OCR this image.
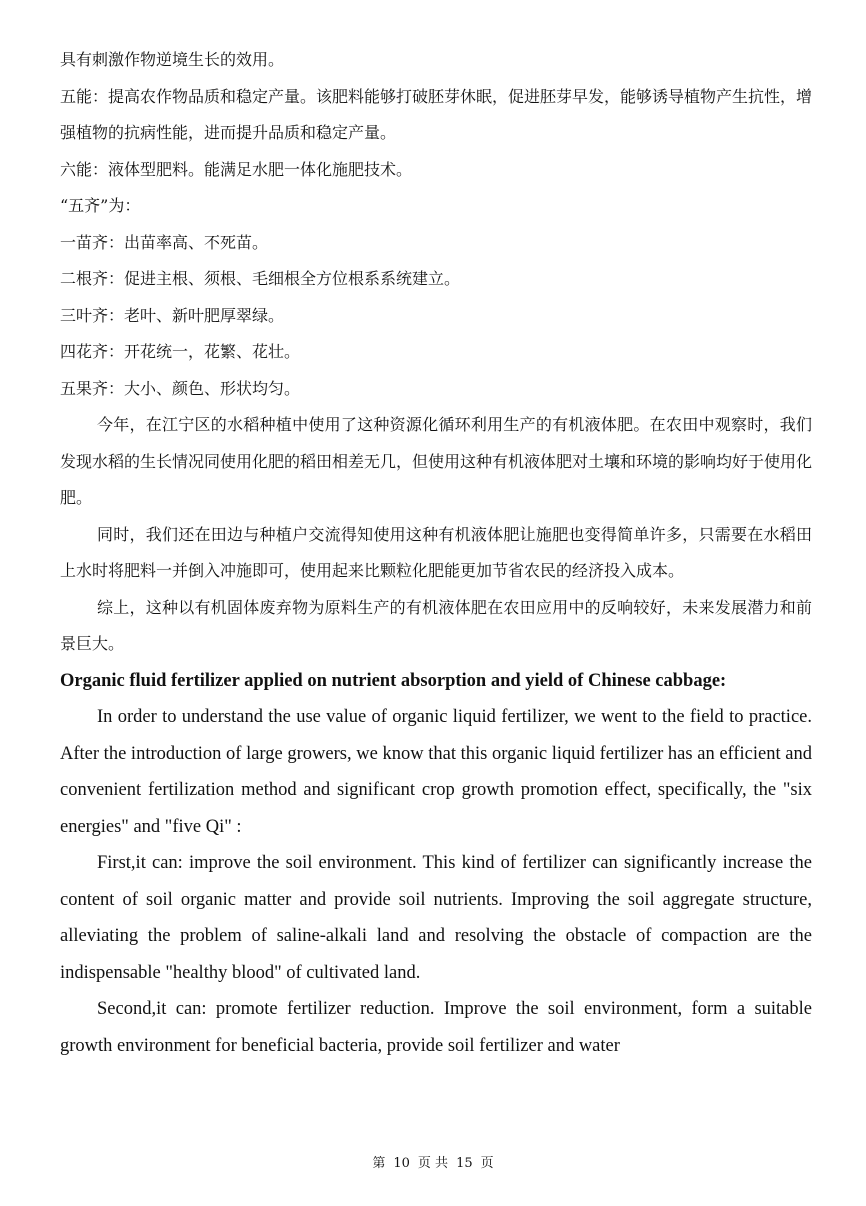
具有刺激作物逆境生长的效用。

五能：提高农作物品质和稳定产量。该肥料能够打破胚芽休眠，促进胚芽早发，能够诱导植物产生抗性，增强植物的抗病性能，进而提升品质和稳定产量。

六能：液体型肥料。能满足水肥一体化施肥技术。

“五齐”为：

一苗齐：出苗率高、不死苗。

二根齐：促进主根、须根、毛细根全方位根系系统建立。

三叶齐：老叶、新叶肥厚翠绿。

四花齐：开花统一，花繁、花壮。

五果齐：大小、颜色、形状均匀。

今年，在江宁区的水稻种植中使用了这种资源化循环利用生产的有机液体肥。在农田中观察时，我们发现水稻的生长情况同使用化肥的稻田相差无几，但使用这种有机液体肥对土壤和环境的影响均好于使用化肥。

同时，我们还在田边与种植户交流得知使用这种有机液体肥让施肥也变得简单许多，只需要在水稻田上水时将肥料一并倒入冲施即可，使用起来比颗粒化肥能更加节省农民的经济投入成本。

综上，这种以有机固体废弃物为原料生产的有机液体肥在农田应用中的反响较好，未来发展潜力和前景巨大。

Organic fluid fertilizer applied on nutrient absorption and yield of Chinese cabbage:

In order to understand the use value of organic liquid fertilizer, we went to the field to practice. After the introduction of large growers, we know that this organic liquid fertilizer has an efficient and convenient fertilization method and significant crop growth promotion effect, specifically, the "six energies" and "five Qi" :

First,it can: improve the soil environment. This kind of fertilizer can significantly increase the content of soil organic matter and provide soil nutrients. Improving the soil aggregate structure, alleviating the problem of saline-alkali land and resolving the obstacle of compaction are the indispensable "healthy blood" of cultivated land.

Second,it can: promote fertilizer reduction. Improve the soil environment, form a suitable growth environment for beneficial bacteria, provide soil fertilizer and water

第 10 页 共 15 页
